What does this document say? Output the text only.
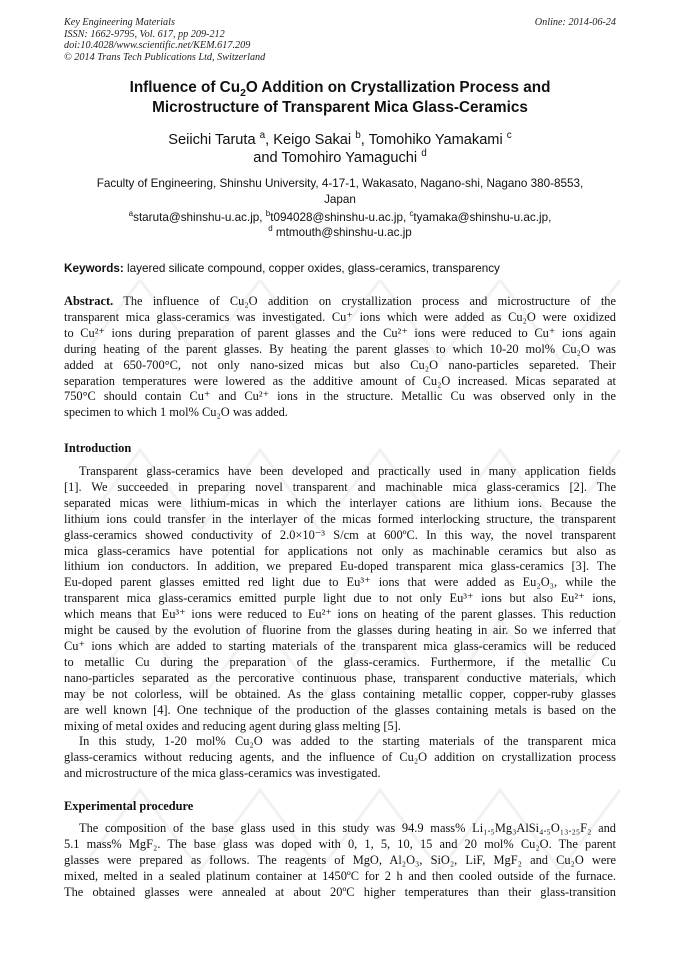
Key Engineering Materials
ISSN: 1662-9795, Vol. 617, pp 209-212
doi:10.4028/www.scientific.net/KEM.617.209
© 2014 Trans Tech Publications Ltd, Switzerland
Online: 2014-06-24
Influence of $Cu_2O$ Addition on Crystallization Process and
Microstructure of Transparent Mica Glass-Ceramics
Seiichi Taruta $^a$, Keigo Sakai $^b$, Tomohiko Yamakami $^c$
and Tomohiro Yamaguchi $^d$
Faculty of Engineering, Shinshu University, 4-17-1, Wakasato, Nagano-shi, Nagano 380-8553,
Japan
$^a$staruta@shinshu-u.ac.jp, $^b$t094028@shinshu-u.ac.jp, $^c$tyamaka@shinshu-u.ac.jp,
$^d$ mtmouth@shinshu-u.ac.jp
Keywords: layered silicate compound, copper oxides, glass-ceramics, transparency
Abstract. The influence of Cu₂O addition on crystallization process and microstructure of the
transparent mica glass-ceramics was investigated. Cu⁺ ions which were added as Cu₂O were oxidized
to Cu²⁺ ions during preparation of parent glasses and the Cu²⁺ ions were reduced to Cu⁺ ions again
during heating of the parent glasses. By heating the parent glasses to which 10-20 mol% Cu₂O was
added at 650-700°C, not only nano-sized micas but also Cu₂O nano-particles separeted. Their
separation temperatures were lowered as the additive amount of Cu₂O increased. Micas separated at
750°C should contain Cu⁺ and Cu²⁺ ions in the structure. Metallic Cu was observed only in the
specimen to which 1 mol% Cu₂O was added.
Introduction
Transparent glass-ceramics have been developed and practically used in many application fields
[1]. We succeeded in preparing novel transparent and machinable mica glass-ceramics [2]. The
separated micas were lithium-micas in which the interlayer cations are lithium ions. Because the
lithium ions could transfer in the interlayer of the micas formed interlocking structure, the transparent
glass-ceramics showed conductivity of 2.0×10⁻³ S/cm at 600ºC. In this way, the novel transparent
mica glass-ceramics have potential for applications not only as machinable ceramics but also as
lithium ion conductors. In addition, we prepared Eu-doped transparent mica glass-ceramics [3]. The
Eu-doped parent glasses emitted red light due to Eu³⁺ ions that were added as Eu₂O₃, while the
transparent mica glass-ceramics emitted purple light due to not only Eu³⁺ ions but also Eu²⁺ ions,
which means that Eu³⁺ ions were reduced to Eu²⁺ ions on heating of the parent glasses. This reduction
might be caused by the evolution of fluorine from the glasses during heating in air. So we inferred that
Cu⁺ ions which are added to starting materials of the transparent mica glass-ceramics will be reduced
to metallic Cu during the preparation of the glass-ceramics. Furthermore, if the metallic Cu
nano-particles separated as the percorative continuous phase, transparent conductive materials, which
may be not colorless, will be obtained. As the glass containing metallic copper, copper-ruby glasses
are well known [4]. One technique of the production of the glasses containing metals is based on the
mixing of metal oxides and reducing agent during glass melting [5].
In this study, 1-20 mol% Cu₂O was added to the starting materials of the transparent mica
glass-ceramics without reducing agents, and the influence of Cu₂O addition on crystallization process
and microstructure of the mica glass-ceramics was investigated.
Experimental procedure
The composition of the base glass used in this study was 94.9 mass% Li₁.₅Mg₃AlSi₄.₅O₁₃.₂₅F₂ and
5.1 mass% MgF₂. The base glass was doped with 0, 1, 5, 10, 15 and 20 mol% Cu₂O. The parent
glasses were prepared as follows. The reagents of MgO, Al₂O₃, SiO₂, LiF, MgF₂ and Cu₂O were
mixed, melted in a sealed platinum container at 1450ºC for 2 h and then cooled outside of the furnace.
The obtained glasses were annealed at about 20ºC higher temperatures than their glass-transition
